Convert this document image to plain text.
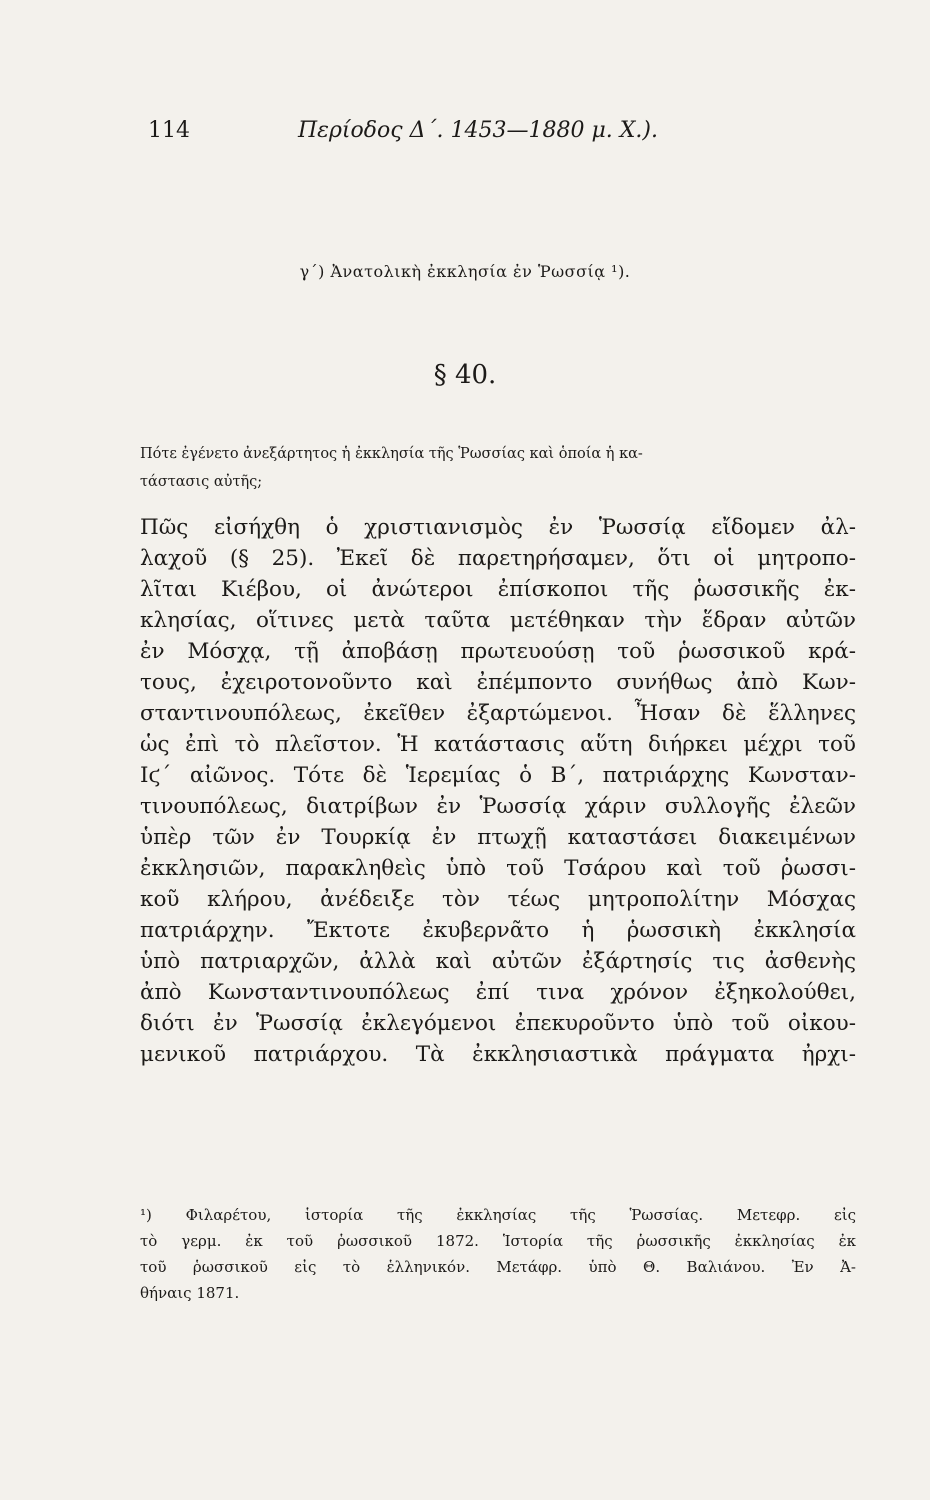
114	Περίοδος Δ΄. 1453—1880 μ. Χ.).
γ΄) Ἀνατολικὴ ἐκκλησία ἐν Ῥωσσίᾳ ¹).
§ 40.
Πότε ἐγένετο ἀνεξάρτητος ἡ ἐκκλησία τῆς Ῥωσσίας καὶ ὁποία ἡ κα-
τάστασις αὐτῆς;
Πῶς εἰσήχθη ὁ χριστιανισμὸς ἐν Ῥωσσίᾳ εἴδομεν ἀλ-
λαχοῦ (§ 25). Ἐκεῖ δὲ παρετηρήσαμεν, ὅτι οἱ μητροπο-
λῖται Κιέβου, οἱ ἀνώτεροι ἐπίσκοποι τῆς ῥωσσικῆς ἐκ-
κλησίας, οἵτινες μετὰ ταῦτα μετέθηκαν τὴν ἕδραν αὐτῶν
ἐν Μόσχᾳ, τῇ ἀποβάσῃ πρωτευούσῃ τοῦ ῥωσσικοῦ κρά-
τους, ἐχειροτονοῦντο καὶ ἐπέμποντο συνήθως ἀπὸ Κων-
σταντινουπόλεως, ἐκεῖθεν ἐξαρτώμενοι. Ἦσαν δὲ ἕλληνες
ὡς ἐπὶ τὸ πλεῖστον. Ἡ κατάστασις αὕτη διήρκει μέχρι τοῦ
Ιϛ΄ αἰῶνος. Τότε δὲ Ἱερεμίας ὁ Β΄, πατριάρχης Κωνσταν-
τινουπόλεως, διατρίβων ἐν Ῥωσσίᾳ χάριν συλλογῆς ἐλεῶν
ὑπὲρ τῶν ἐν Τουρκίᾳ ἐν πτωχῇ καταστάσει διακειμένων
ἐκκλησιῶν, παρακληθεὶς ὑπὸ τοῦ Τσάρου καὶ τοῦ ῥωσσι-
κοῦ κλήρου, ἀνέδειξε τὸν τέως μητροπολίτην Μόσχας
πατριάρχην. Ἔκτοτε ἐκυβερνᾶτο ἡ ῥωσσικὴ ἐκκλησία
ὑπὸ πατριαρχῶν, ἀλλὰ καὶ αὐτῶν ἐξάρτησίς τις ἀσθενὴς
ἀπὸ Κωνσταντινουπόλεως ἐπί τινα χρόνον ἐξηκολούθει,
διότι ἐν Ῥωσσίᾳ ἐκλεγόμενοι ἐπεκυροῦντο ὑπὸ τοῦ οἰκου-
μενικοῦ πατριάρχου. Τὰ ἐκκλησιαστικὰ πράγματα ἠρχι-
¹) Φιλαρέτου, ἱστορία τῆς ἐκκλησίας τῆς Ῥωσσίας. Μετεφρ. εἰς
τὸ γερμ. ἐκ τοῦ ῥωσσικοῦ 1872. Ἱστορία τῆς ῥωσσικῆς ἐκκλησίας ἐκ
τοῦ ῥωσσικοῦ εἰς τὸ ἑλληνικόν. Μετάφρ. ὑπὸ Θ. Βαλιάνου. Ἐν Ἀ-
θήναις 1871.
